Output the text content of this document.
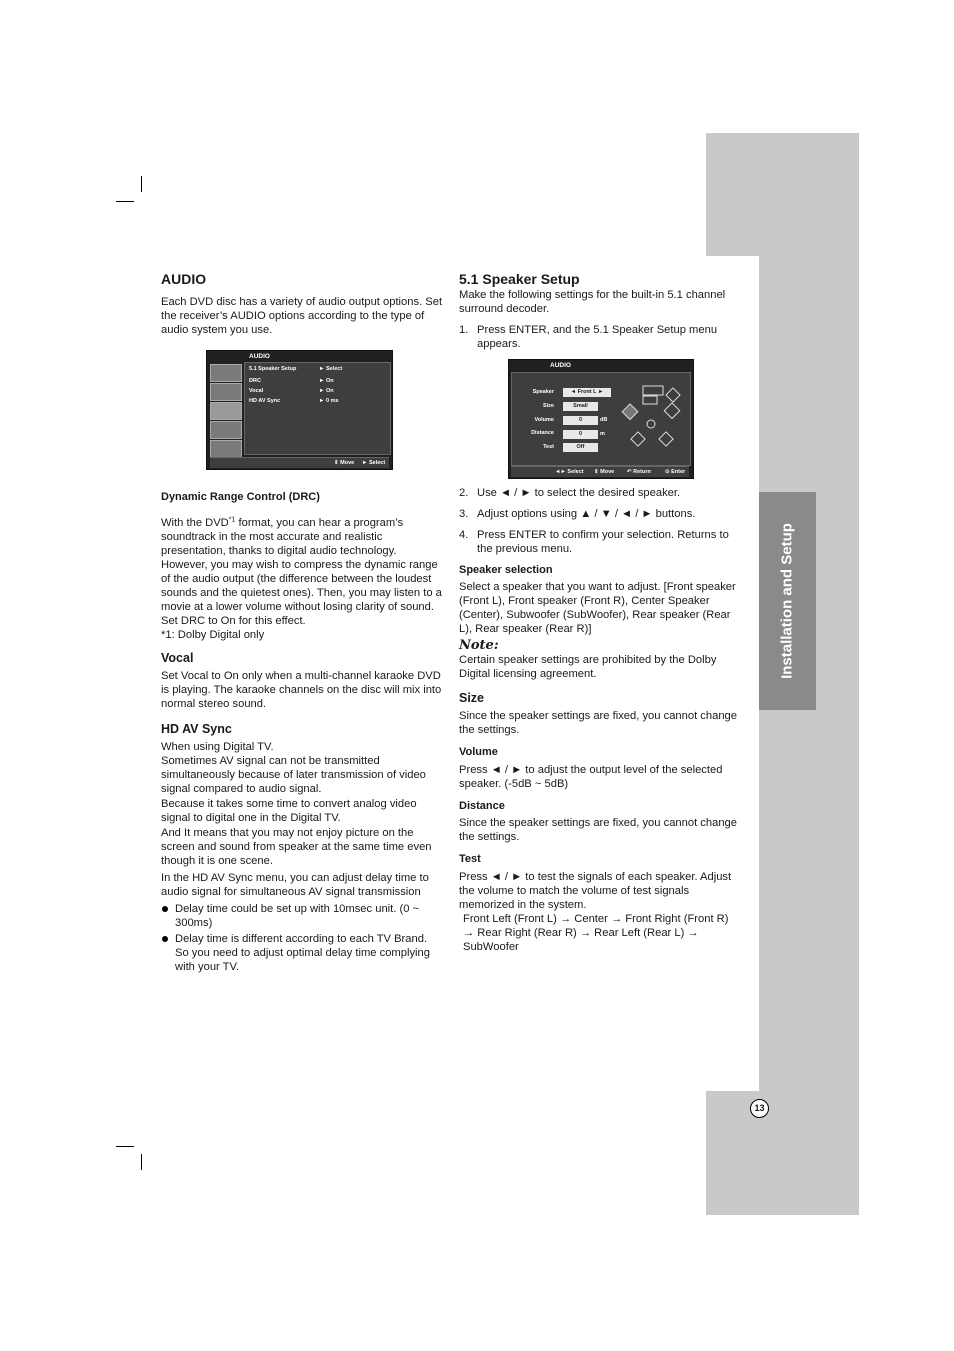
Installation and Setup
13

AUDIO

Each DVD disc has a variety of audio output options. Set the receiver’s AUDIO options according to the type of audio system you use.

AUDIO
5.1 Speaker Setup	► Select
DRC	► On
Vocal	► On
HD AV Sync	► 0 ms
⇕ Move ► Select

Dynamic Range Control (DRC)

With the DVD$^{*1}$ format, you can hear a program’s soundtrack in the most accurate and realistic presentation, thanks to digital audio technology. However, you may wish to compress the dynamic range of the audio output (the difference between the loudest sounds and the quietest ones). Then, you may listen to a movie at a lower volume without losing clarity of sound. Set DRC to On for this effect.

*1: Dolby Digital only

Vocal

Set Vocal to On only when a multi-channel karaoke DVD is playing. The karaoke channels on the disc will mix into normal stereo sound.

HD AV Sync

When using Digital TV.

Sometimes AV signal can not be transmitted simultaneously because of later transmission of video signal compared to audio signal.

Because it takes some time to convert analog video signal to digital one in the Digital TV.

And It means that you may not enjoy picture on the screen and sound from speaker at the same time even though it is one scene.

In the HD AV Sync menu, you can adjust delay time to audio signal for simultaneous AV signal transmission

Delay time could be set up with 10msec unit. (0 ~ 300ms)
Delay time is different according to each TV Brand. So you need to adjust optimal delay time complying with your TV.

5.1 Speaker Setup

Make the following settings for the built-in 5.1 channel surround decoder.

1. Press ENTER, and the 5.1 Speaker Setup menu appears.
AUDIO
Speaker	◄ Front L ►
Size	Small
Volume	0	dB
Distance	0	m
Test	Off
◄► Select ⇕ Move ↶ Return	⊙ Enter
2. Use ◄ / ► to select the desired speaker.
3. Adjust options using ▲ / ▼ / ◄ / ► buttons.
4. Press ENTER to confirm your selection. Returns to the previous menu.

Speaker selection

Select a speaker that you want to adjust. [Front speaker (Front L), Front speaker (Front R), Center Speaker (Center), Subwoofer (SubWoofer), Rear speaker (Rear L), Rear speaker (Rear R)]

Note:

Certain speaker settings are prohibited by the Dolby Digital licensing agreement.

Size

Since the speaker settings are fixed, you cannot change the settings.

Volume

Press ◄ / ► to adjust the output level of the selected speaker. (-5dB ~ 5dB)

Distance

Since the speaker settings are fixed, you cannot change the settings.

Test

Press ◄ / ► to test the signals of each speaker. Adjust the volume to match the volume of test signals memorized in the system.

Front Left (Front L) → Center → Front Right (Front R) → Rear Right (Rear R) → Rear Left (Rear L) → SubWoofer
